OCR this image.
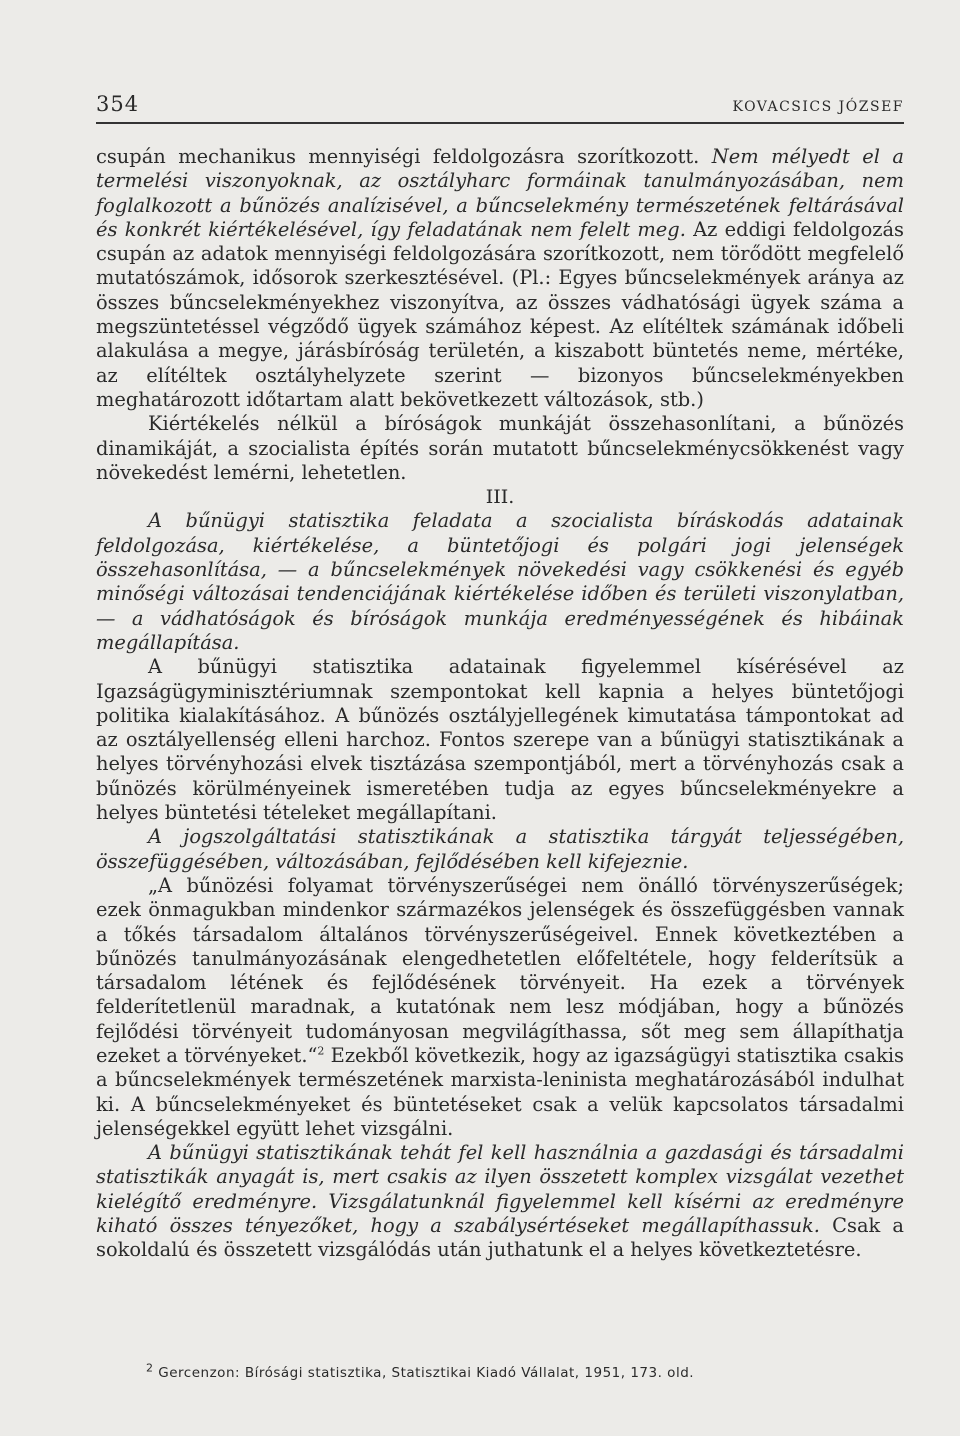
354	KOVACSICS JÓZSEF

csupán mechanikus mennyiségi feldolgozásra szorítkozott. Nem mélyedt el a termelési viszonyoknak, az osztályharc formáinak tanulmányozásában, nem foglalkozott a bűnözés analízisével, a bűncselekmény természetének feltárásával és konkrét kiértékelésével, így feladatának nem felelt meg. Az eddigi feldolgozás csupán az adatok mennyiségi feldolgozására szorítkozott, nem törődött megfelelő mutatószámok, idősorok szerkesztésével. (Pl.: Egyes bűncselekmények aránya az összes bűncselekményekhez viszonyítva, az összes vádhatósági ügyek száma a megszüntetéssel végződő ügyek számához képest. Az elítéltek számának időbeli alakulása a megye, járásbíróság területén, a kiszabott büntetés neme, mértéke, az elítéltek osztályhelyzete szerint — bizonyos bűncselekményekben meghatározott időtartam alatt bekövetkezett változások, stb.)

Kiértékelés nélkül a bíróságok munkáját összehasonlítani, a bűnözés dinamikáját, a szocialista építés során mutatott bűncselekménycsökkenést vagy növekedést lemérni, lehetetlen.

III.

A bűnügyi statisztika feladata a szocialista bíráskodás adatainak feldolgozása, kiértékelése, a büntetőjogi és polgári jogi jelenségek összehasonlítása, — a bűncselekmények növekedési vagy csökkenési és egyéb minőségi változásai tendenciájának kiértékelése időben és területi viszonylatban, — a vádhatóságok és bíróságok munkája eredményességének és hibáinak megállapítása.

A bűnügyi statisztika adatainak figyelemmel kísérésével az Igazságügyminisztériumnak szempontokat kell kapnia a helyes büntetőjogi politika kialakításához. A bűnözés osztályjellegének kimutatása támpontokat ad az osztályellenség elleni harchoz. Fontos szerepe van a bűnügyi statisztikának a helyes törvényhozási elvek tisztázása szempontjából, mert a törvényhozás csak a bűnözés körülményeinek ismeretében tudja az egyes bűncselekményekre a helyes büntetési tételeket megállapítani.

A jogszolgáltatási statisztikának a statisztika tárgyát teljességében, összefüggésében, változásában, fejlődésében kell kifejeznie.

„A bűnözési folyamat törvényszerűségei nem önálló törvényszerűségek; ezek önmagukban mindenkor származékos jelenségek és összefüggésben vannak a tőkés társadalom általános törvényszerűségeivel. Ennek következtében a bűnözés tanulmányozásának elengedhetetlen előfeltétele, hogy felderítsük a társadalom létének és fejlődésének törvényeit. Ha ezek a törvények felderítetlenül maradnak, a kutatónak nem lesz módjában, hogy a bűnözés fejlődési törvényeit tudományosan megvilágíthassa, sőt meg sem állapíthatja ezeket a törvényeket.“$^2$ Ezekből következik, hogy az igazságügyi statisztika csakis a bűncselekmények természetének marxista-leninista meghatározásából indulhat ki. A bűncselekményeket és büntetéseket csak a velük kapcsolatos társadalmi jelenségekkel együtt lehet vizsgálni.

A bűnügyi statisztikának tehát fel kell használnia a gazdasági és társadalmi statisztikák anyagát is, mert csakis az ilyen összetett komplex vizsgálat vezethet kielégítő eredményre. Vizsgálatunknál figyelemmel kell kísérni az eredményre kiható összes tényezőket, hogy a szabálysértéseket megállapíthassuk. Csak a sokoldalú és összetett vizsgálódás után juthatunk el a helyes következtetésre.

$^2$ Gercenzon: Bírósági statisztika, Statisztikai Kiadó Vállalat, 1951, 173. old.
